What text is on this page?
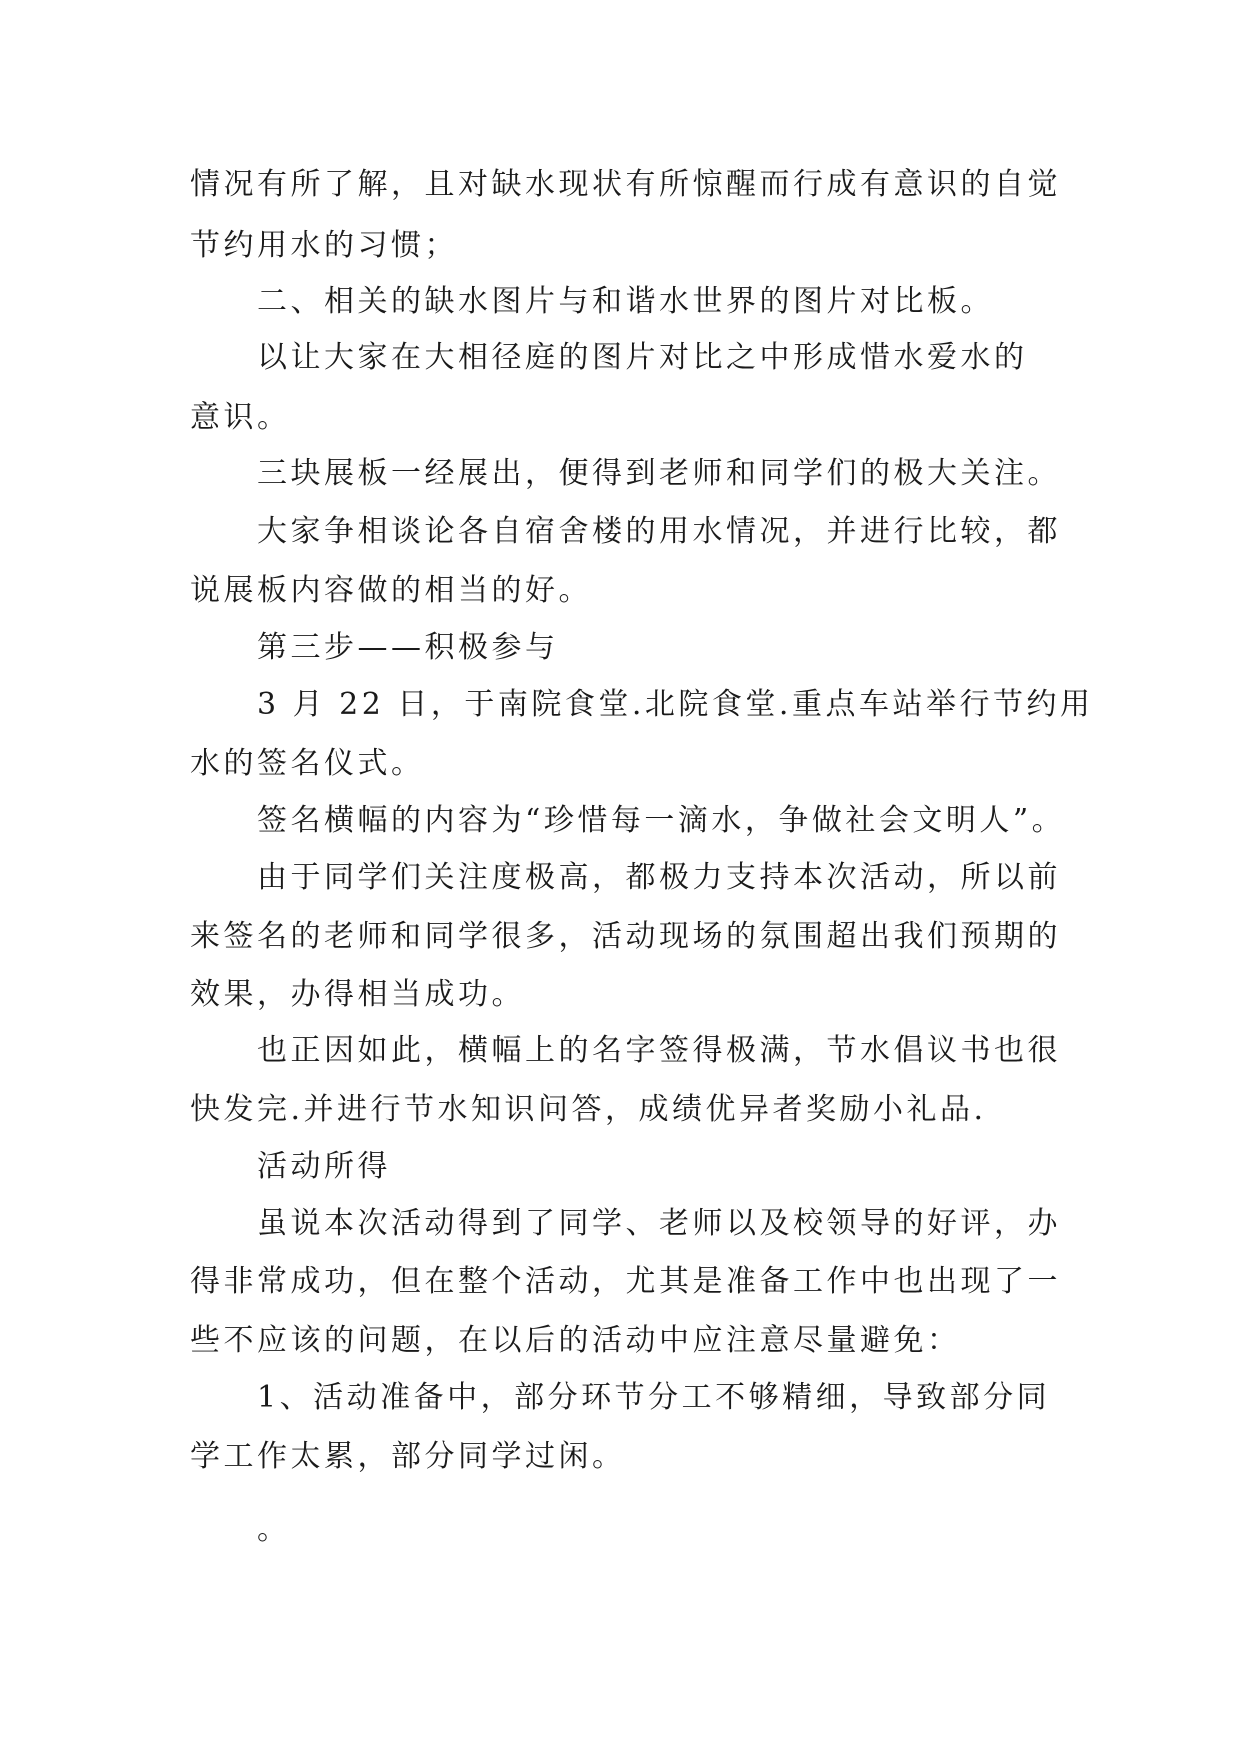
情况有所了解，且对缺水现状有所惊醒而行成有意识的自觉

节约用水的习惯；

二、相关的缺水图片与和谐水世界的图片对比板。

以让大家在大相径庭的图片对比之中形成惜水爱水的

意识。

三块展板一经展出，便得到老师和同学们的极大关注。

大家争相谈论各自宿舍楼的用水情况，并进行比较，都

说展板内容做的相当的好。

第三步——积极参与

3 月 22 日，于南院食堂.北院食堂.重点车站举行节约用

水的签名仪式。

签名横幅的内容为“珍惜每一滴水，争做社会文明人”。

由于同学们关注度极高，都极力支持本次活动，所以前

来签名的老师和同学很多，活动现场的氛围超出我们预期的

效果，办得相当成功。

也正因如此，横幅上的名字签得极满，节水倡议书也很

快发完.并进行节水知识问答，成绩优异者奖励小礼品.

活动所得

虽说本次活动得到了同学、老师以及校领导的好评，办

得非常成功，但在整个活动，尤其是准备工作中也出现了一

些不应该的问题，在以后的活动中应注意尽量避免：

1、活动准备中，部分环节分工不够精细，导致部分同

学工作太累，部分同学过闲。

。
